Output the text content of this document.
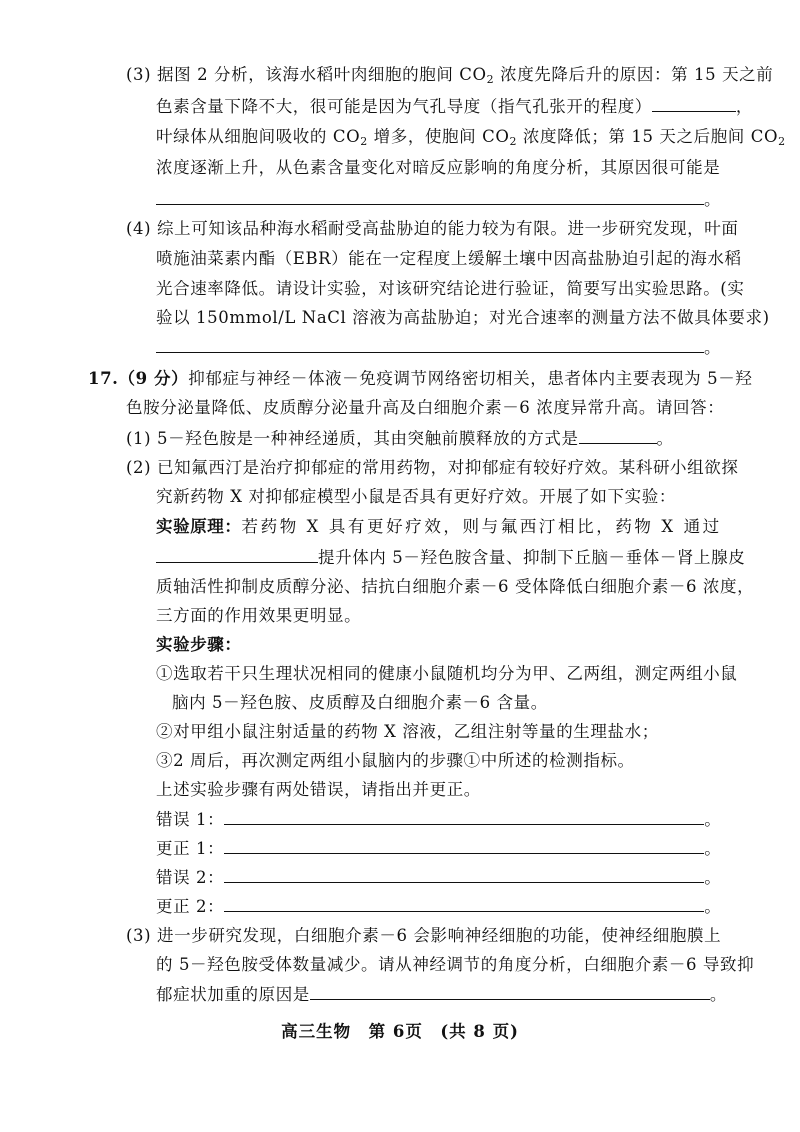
(3) 据图 2 分析，该海水稻叶肉细胞的胞间 $CO_2$ 浓度先降后升的原因：第 15 天之前
色素含量下降不大，很可能是因为气孔导度（指气孔张开的程度）	，
叶绿体从细胞间吸收的 $CO_2$ 增多，使胞间 $CO_2$ 浓度降低；第 15 天之后胞间 $CO_2$
浓度逐渐上升，从色素含量变化对暗反应影响的角度分析，其原因很可能是
。
(4) 综上可知该品种海水稻耐受高盐胁迫的能力较为有限。进一步研究发现，叶面
喷施油菜素内酯（EBR）能在一定程度上缓解土壤中因高盐胁迫引起的海水稻
光合速率降低。请设计实验，对该研究结论进行验证，简要写出实验思路。(实
验以 150mmol/L NaCl 溶液为高盐胁迫；对光合速率的测量方法不做具体要求)
。
17.（9 分）抑郁症与神经－体液－免疫调节网络密切相关，患者体内主要表现为 5－羟
色胺分泌量降低、皮质醇分泌量升高及白细胞介素－6 浓度异常升高。请回答：
(1) 5－羟色胺是一种神经递质，其由突触前膜释放的方式是	。
(2) 已知氟西汀是治疗抑郁症的常用药物，对抑郁症有较好疗效。某科研小组欲探
究新药物 X 对抑郁症模型小鼠是否具有更好疗效。开展了如下实验：
实验原理：若药物 X 具有更好疗效，则与氟西汀相比，药物 X 通过
提升体内 5－羟色胺含量、抑制下丘脑－垂体－肾上腺皮
质轴活性抑制皮质醇分泌、拮抗白细胞介素－6 受体降低白细胞介素－6 浓度，
三方面的作用效果更明显。
实验步骤：
①选取若干只生理状况相同的健康小鼠随机均分为甲、乙两组，测定两组小鼠
脑内 5－羟色胺、皮质醇及白细胞介素－6 含量。
②对甲组小鼠注射适量的药物 X 溶液，乙组注射等量的生理盐水；
③2 周后，再次测定两组小鼠脑内的步骤①中所述的检测指标。
上述实验步骤有两处错误，请指出并更正。
错误 1：	。
更正 1：	。
错误 2：	。
更正 2：	。
(3) 进一步研究发现，白细胞介素－6 会影响神经细胞的功能，使神经细胞膜上
的 5－羟色胺受体数量减少。请从神经调节的角度分析，白细胞介素－6 导致抑
郁症状加重的原因是	。
高三生物　第 6页　(共 8 页)
